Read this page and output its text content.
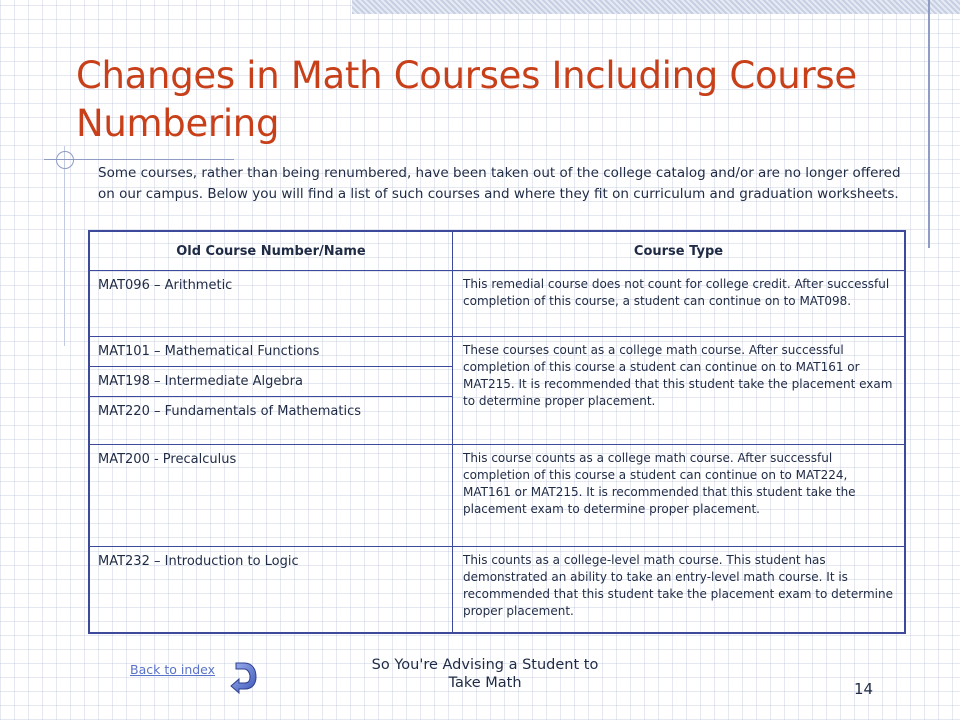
Changes in Math Courses Including Course Numbering

Some courses, rather than being renumbered, have been taken out of the college catalog and/or are no longer offered on our campus. Below you will find a list of such courses and where they fit on curriculum and graduation worksheets.

Old Course Number/Name	Course Type
MAT096 – Arithmetic	This remedial course does not count for college credit. After successful completion of this course, a student can continue on to MAT098.
MAT101 – Mathematical Functions	These courses count as a college math course. After successful completion of this course a student can continue on to MAT161 or MAT215. It is recommended that this student take the placement exam to determine proper placement.
MAT198 – Intermediate Algebra	
MAT220 – Fundamentals of Mathematics	
MAT200 - Precalculus	This course counts as a college math course. After successful completion of this course a student can continue on to MAT224, MAT161 or MAT215. It is recommended that this student take the placement exam to determine proper placement.
MAT232 – Introduction to Logic	This counts as a college-level math course. This student has demonstrated an ability to take an entry-level math course. It is recommended that this student take the placement exam to determine proper placement.
Back to index	So You're Advising a Student to
Take Math	14
